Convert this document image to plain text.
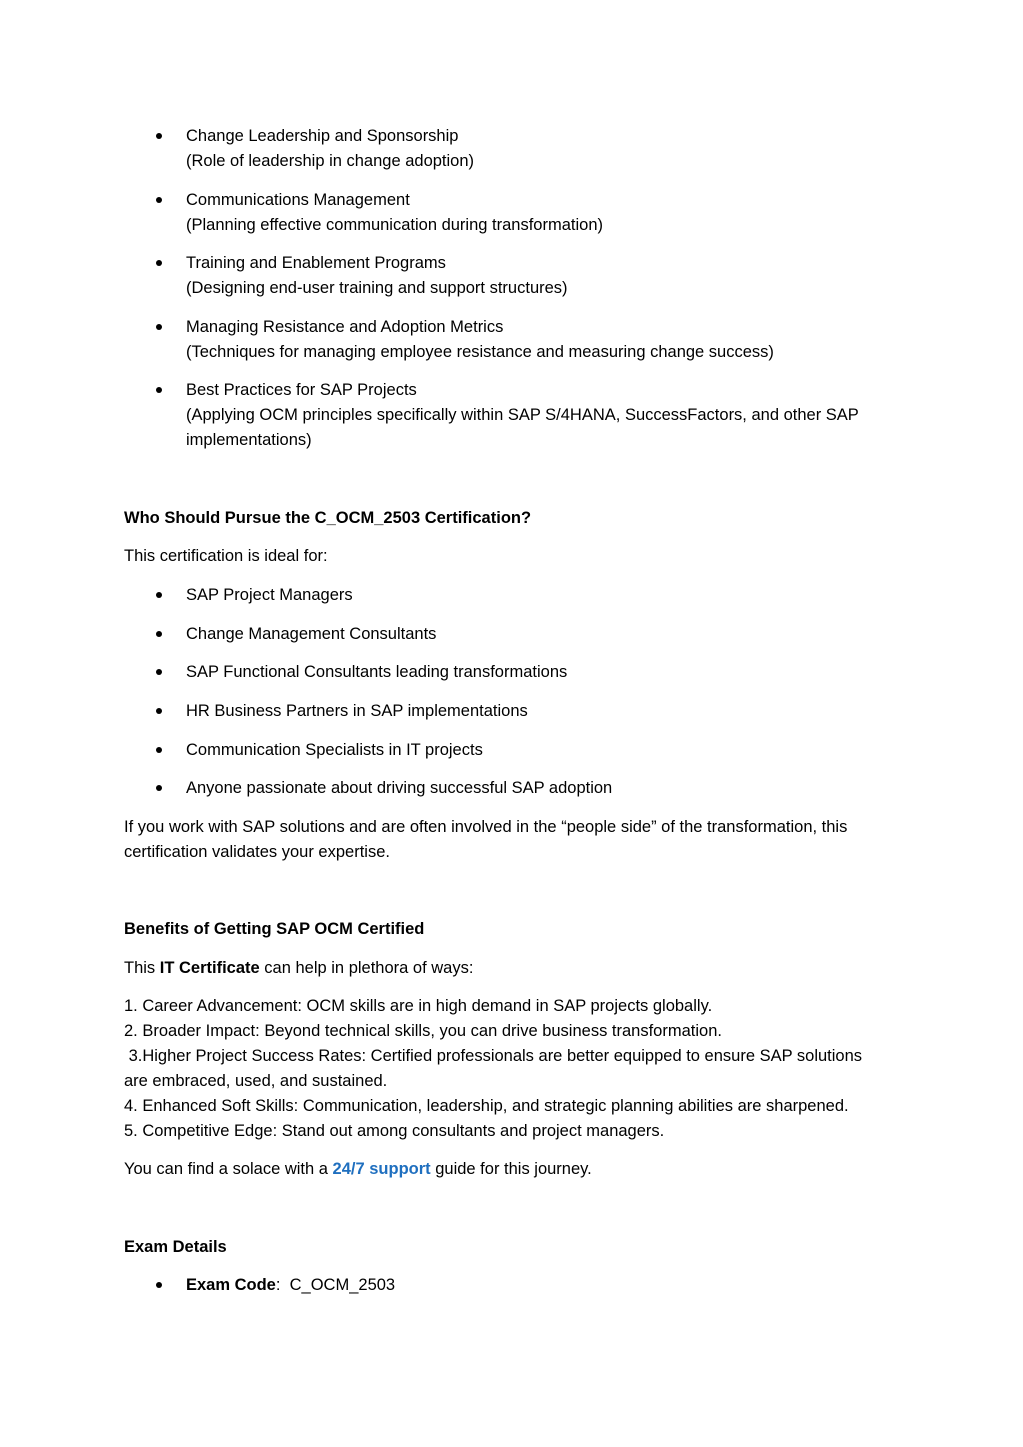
Change Leadership and Sponsorship
(Role of leadership in change adoption)
Communications Management
(Planning effective communication during transformation)
Training and Enablement Programs
(Designing end-user training and support structures)
Managing Resistance and Adoption Metrics
(Techniques for managing employee resistance and measuring change success)
Best Practices for SAP Projects
(Applying OCM principles specifically within SAP S/4HANA, SuccessFactors, and other SAP
implementations)
Who Should Pursue the C_OCM_2503 Certification?
This certification is ideal for:
SAP Project Managers
Change Management Consultants
SAP Functional Consultants leading transformations
HR Business Partners in SAP implementations
Communication Specialists in IT projects
Anyone passionate about driving successful SAP adoption
If you work with SAP solutions and are often involved in the “people side” of the transformation, this
certification validates your expertise.
Benefits of Getting SAP OCM Certified
This IT Certificate can help in plethora of ways:
1. Career Advancement: OCM skills are in high demand in SAP projects globally.
2. Broader Impact: Beyond technical skills, you can drive business transformation.
3.Higher Project Success Rates: Certified professionals are better equipped to ensure SAP solutions
are embraced, used, and sustained.
4. Enhanced Soft Skills: Communication, leadership, and strategic planning abilities are sharpened.
5. Competitive Edge: Stand out among consultants and project managers.
You can find a solace with a 24/7 support guide for this journey.
Exam Details
Exam Code:  C_OCM_2503
